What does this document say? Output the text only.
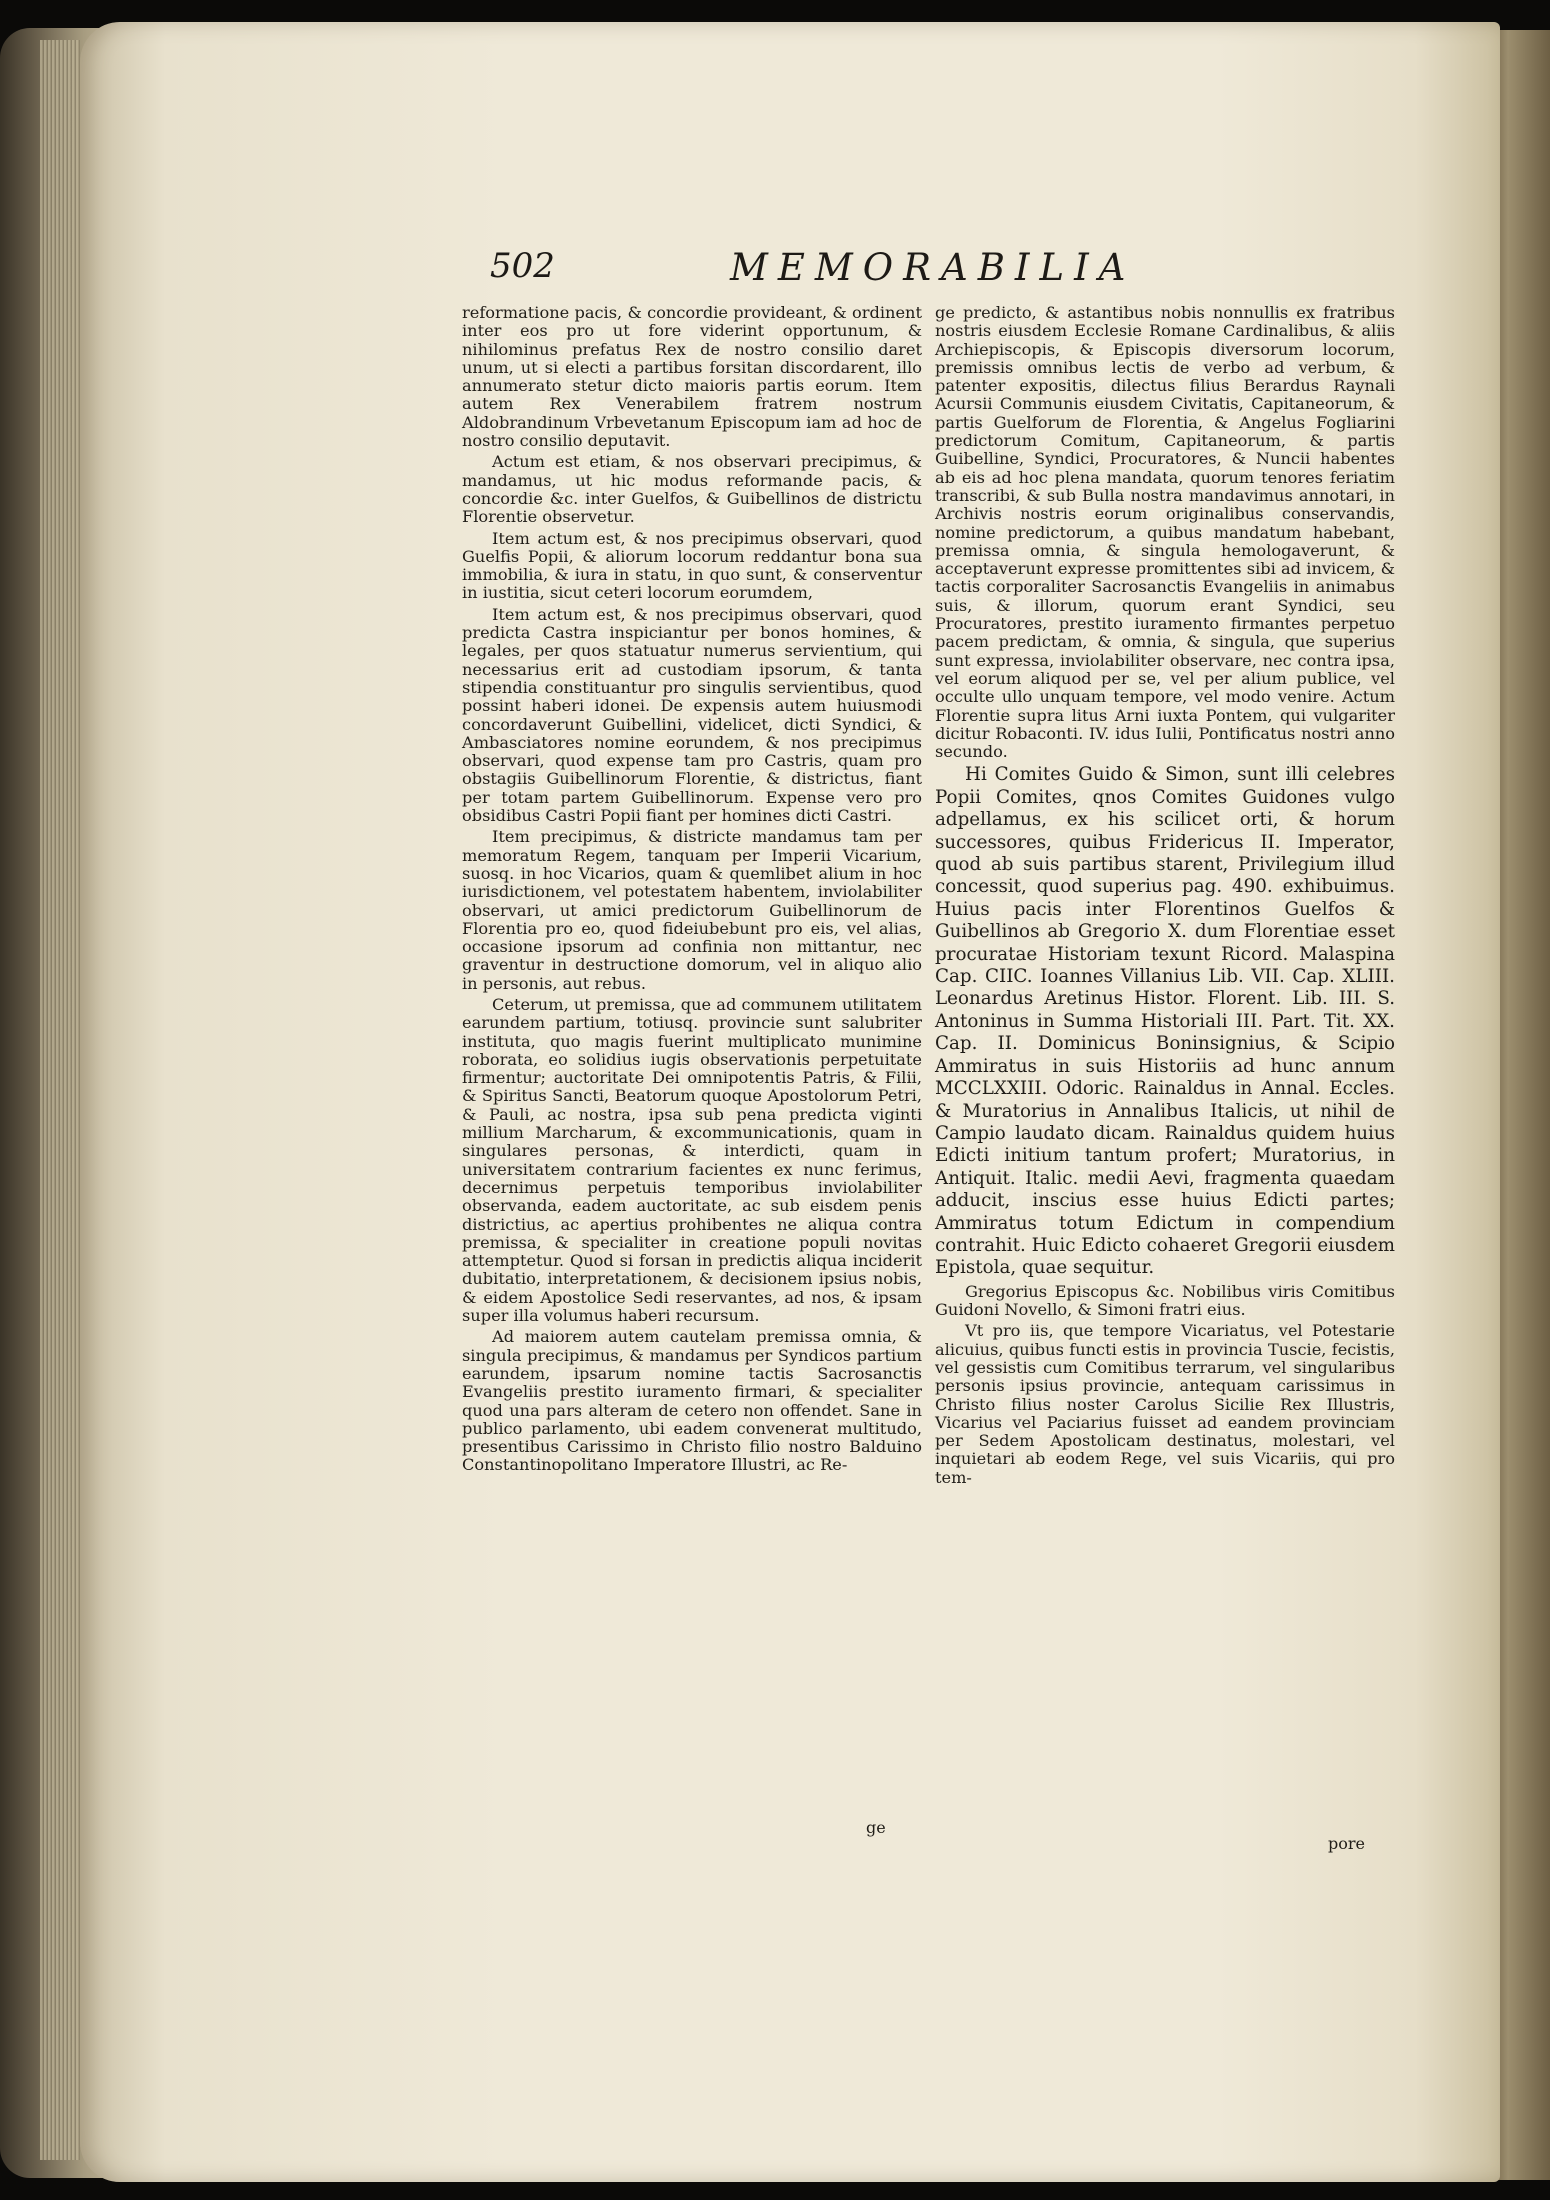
502	MEMORABILIA

reformatione pacis, & concordie provideant, & ordinent inter eos pro ut fore viderint opportunum, & nihilominus prefatus Rex de nostro consilio daret unum, ut si electi a partibus forsitan discordarent, illo annumerato stetur dicto maioris partis eorum. Item autem Rex Venerabilem fratrem nostrum Aldobrandinum Vrbevetanum Episcopum iam ad hoc de nostro consilio deputavit.

Actum est etiam, & nos observari precipimus, & mandamus, ut hic modus reformande pacis, & concordie &c. inter Guelfos, & Guibellinos de districtu Florentie observetur.

Item actum est, & nos precipimus observari, quod Guelfis Popii, & aliorum locorum reddantur bona sua immobilia, & iura in statu, in quo sunt, & conserventur in iustitia, sicut ceteri locorum eorumdem,

Item actum est, & nos precipimus observari, quod predicta Castra inspiciantur per bonos homines, & legales, per quos statuatur numerus servientium, qui necessarius erit ad custodiam ipsorum, & tanta stipendia constituantur pro singulis servientibus, quod possint haberi idonei. De expensis autem huiusmodi concordaverunt Guibellini, videlicet, dicti Syndici, & Ambasciatores nomine eorundem, & nos precipimus observari, quod expense tam pro Castris, quam pro obstagiis Guibellinorum Florentie, & districtus, fiant per totam partem Guibellinorum. Expense vero pro obsidibus Castri Popii fiant per homines dicti Castri.

Item precipimus, & districte mandamus tam per memoratum Regem, tanquam per Imperii Vicarium, suosq. in hoc Vicarios, quam & quemlibet alium in hoc iurisdictionem, vel potestatem habentem, inviolabiliter observari, ut amici predictorum Guibellinorum de Florentia pro eo, quod fideiubebunt pro eis, vel alias, occasione ipsorum ad confinia non mittantur, nec graventur in destructione domorum, vel in aliquo alio in personis, aut rebus.

Ceterum, ut premissa, que ad communem utilitatem earundem partium, totiusq. provincie sunt salubriter instituta, quo magis fuerint multiplicato munimine roborata, eo solidius iugis observationis perpetuitate firmentur; auctoritate Dei omnipotentis Patris, & Filii, & Spiritus Sancti, Beatorum quoque Apostolorum Petri, & Pauli, ac nostra, ipsa sub pena predicta viginti millium Marcharum, & excommunicationis, quam in singulares personas, & interdicti, quam in universitatem contrarium facientes ex nunc ferimus, decernimus perpetuis temporibus inviolabiliter observanda, eadem auctoritate, ac sub eisdem penis districtius, ac apertius prohibentes ne aliqua contra premissa, & specialiter in creatione populi novitas attemptetur. Quod si forsan in predictis aliqua inciderit dubitatio, interpretationem, & decisionem ipsius nobis, & eidem Apostolice Sedi reservantes, ad nos, & ipsam super illa volumus haberi recursum.

Ad maiorem autem cautelam premissa omnia, & singula precipimus, & mandamus per Syndicos partium earundem, ipsarum nomine tactis Sacrosanctis Evangeliis prestito iuramento firmari, & specialiter quod una pars alteram de cetero non offendet. Sane in publico parlamento, ubi eadem convenerat multitudo, presentibus Carissimo in Christo filio nostro Balduino Constantinopolitano Imperatore Illustri, ac Re-

ge

ge predicto, & astantibus nobis nonnullis ex fratribus nostris eiusdem Ecclesie Romane Cardinalibus, & aliis Archiepiscopis, & Episcopis diversorum locorum, premissis omnibus lectis de verbo ad verbum, & patenter expositis, dilectus filius Berardus Raynali Acursii Communis eiusdem Civitatis, Capitaneorum, & partis Guelforum de Florentia, & Angelus Fogliarini predictorum Comitum, Capitaneorum, & partis Guibelline, Syndici, Procuratores, & Nuncii habentes ab eis ad hoc plena mandata, quorum tenores feriatim transcribi, & sub Bulla nostra mandavimus annotari, in Archivis nostris eorum originalibus conservandis, nomine predictorum, a quibus mandatum habebant, premissa omnia, & singula hemologaverunt, & acceptaverunt expresse promittentes sibi ad invicem, & tactis corporaliter Sacrosanctis Evangeliis in animabus suis, & illorum, quorum erant Syndici, seu Procuratores, prestito iuramento firmantes perpetuo pacem predictam, & omnia, & singula, que superius sunt expressa, inviolabiliter observare, nec contra ipsa, vel eorum aliquod per se, vel per alium publice, vel occulte ullo unquam tempore, vel modo venire. Actum Florentie supra litus Arni iuxta Pontem, qui vulgariter dicitur Robaconti. IV. idus Iulii, Pontificatus nostri anno secundo.

Hi Comites Guido & Simon, sunt illi celebres Popii Comites, qnos Comites Guidones vulgo adpellamus, ex his scilicet orti, & horum successores, quibus Fridericus II. Imperator, quod ab suis partibus starent, Privilegium illud concessit, quod superius pag. 490. exhibuimus. Huius pacis inter Florentinos Guelfos & Guibellinos ab Gregorio X. dum Florentiae esset procuratae Historiam texunt Ricord. Malaspina Cap. CIIC. Ioannes Villanius Lib. VII. Cap. XLIII. Leonardus Aretinus Histor. Florent. Lib. III. S. Antoninus in Summa Historiali III. Part. Tit. XX. Cap. II. Dominicus Boninsignius, & Scipio Ammiratus in suis Historiis ad hunc annum MCCLXXIII. Odoric. Rainaldus in Annal. Eccles. & Muratorius in Annalibus Italicis, ut nihil de Campio laudato dicam. Rainaldus quidem huius Edicti initium tantum profert; Muratorius, in Antiquit. Italic. medii Aevi, fragmenta quaedam adducit, inscius esse huius Edicti partes; Ammiratus totum Edictum in compendium contrahit. Huic Edicto cohaeret Gregorii eiusdem Epistola, quae sequitur.

Gregorius Episcopus &c. Nobilibus viris Comitibus Guidoni Novello, & Simoni fratri eius.

Vt pro iis, que tempore Vicariatus, vel Potestarie alicuius, quibus functi estis in provincia Tuscie, fecistis, vel gessistis cum Comitibus terrarum, vel singularibus personis ipsius provincie, antequam carissimus in Christo filius noster Carolus Sicilie Rex Illustris, Vicarius vel Paciarius fuisset ad eandem provinciam per Sedem Apostolicam destinatus, molestari, vel inquietari ab eodem Rege, vel suis Vicariis, qui pro tem-

pore
